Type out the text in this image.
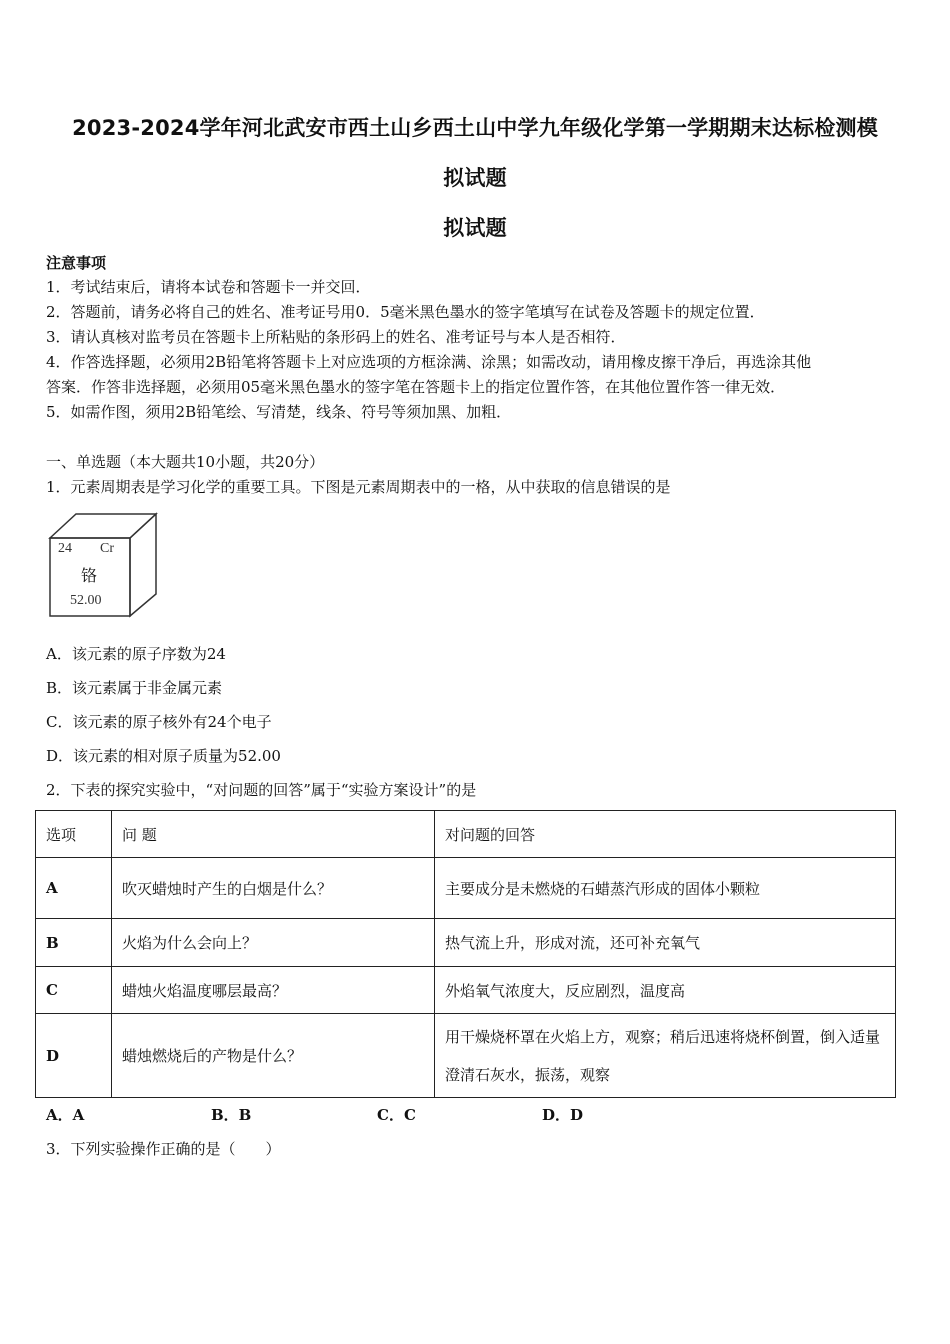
2023-2024学年河北武安市西土山乡西土山中学九年级化学第一学期期末达标检测模
拟试题
拟试题
注意事项
1．考试结束后，请将本试卷和答题卡一并交回．
2．答题前，请务必将自己的姓名、准考证号用0．5毫米黑色墨水的签字笔填写在试卷及答题卡的规定位置．
3．请认真核对监考员在答题卡上所粘贴的条形码上的姓名、准考证号与本人是否相符．
4．作答选择题，必须用2B铅笔将答题卡上对应选项的方框涂满、涂黑；如需改动，请用橡皮擦干净后，再选涂其他
答案．作答非选择题，必须用05毫米黑色墨水的签字笔在答题卡上的指定位置作答，在其他位置作答一律无效．
5．如需作图，须用2B铅笔绘、写清楚，线条、符号等须加黑、加粗．
一、单选题（本大题共10小题，共20分）
1．元素周期表是学习化学的重要工具。下图是元素周期表中的一格，从中获取的信息错误的是
24 Cr
铬
52.00
A．该元素的原子序数为24
B．该元素属于非金属元素
C．该元素的原子核外有24个电子
D．该元素的相对原子质量为52.00
2．下表的探究实验中，“对问题的回答”属于“实验方案设计”的是
选项	问 题	对问题的回答
A	吹灭蜡烛时产生的白烟是什么？	主要成分是未燃烧的石蜡蒸汽形成的固体小颗粒
B	火焰为什么会向上？	热气流上升，形成对流，还可补充氧气
C	蜡烛火焰温度哪层最高？	外焰氧气浓度大，反应剧烈，温度高
D	蜡烛燃烧后的产物是什么？	用干燥烧杯罩在火焰上方，观察；稍后迅速将烧杯倒置，倒入适量澄清石灰水，振荡，观察
A．A	B．B	C．C	D．D
3．下列实验操作正确的是（　　）
